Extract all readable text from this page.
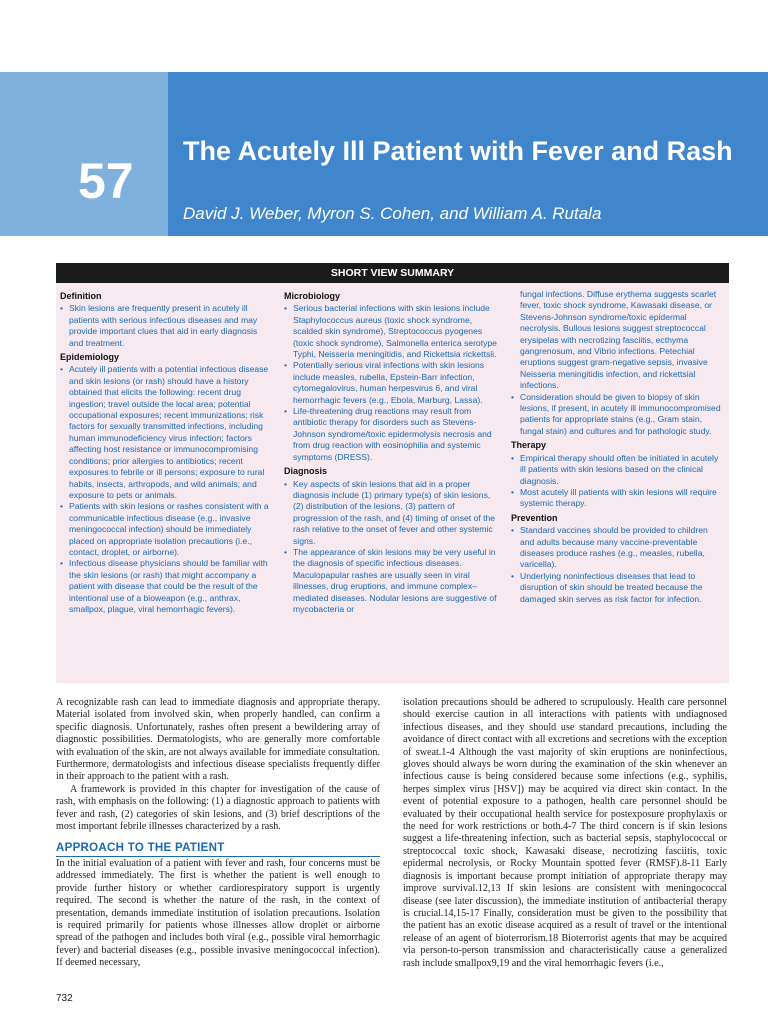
57
The Acutely Ill Patient with Fever and Rash
David J. Weber, Myron S. Cohen, and William A. Rutala
SHORT VIEW SUMMARY
Definition
• Skin lesions are frequently present in acutely ill patients with serious infectious diseases and may provide important clues that aid in early diagnosis and treatment.
Epidemiology
• Acutely ill patients with a potential infectious disease and skin lesions (or rash) should have a history obtained that elicits the following: recent drug ingestion; travel outside the local area; potential occupational exposures; recent immunizations; risk factors for sexually transmitted infections, including human immunodeficiency virus infection; factors affecting host resistance or immunocompromising conditions; prior allergies to antibiotics; recent exposures to febrile or ill persons; exposure to rural habits, insects, arthropods, and wild animals; and exposure to pets or animals.
• Patients with skin lesions or rashes consistent with a communicable infectious disease (e.g., invasive meningococcal infection) should be immediately placed on appropriate isolation precautions (i.e., contact, droplet, or airborne).
• Infectious disease physicians should be familiar with the skin lesions (or rash) that might accompany a patient with disease that could be the result of the intentional use of a bioweapon (e.g., anthrax, smallpox, plague, viral hemorrhagic fevers).
Microbiology
• Serious bacterial infections with skin lesions include Staphylococcus aureus (toxic shock syndrome, scalded skin syndrome), Streptococcus pyogenes (toxic shock syndrome), Salmonella enterica serotype Typhi, Neisseria meningitidis, and Rickettsia rickettsii.
• Potentially serious viral infections with skin lesions include measles, rubella, Epstein-Barr infection, cytomegalovirus, human herpesvirus 6, and viral hemorrhagic fevers (e.g., Ebola, Marburg, Lassa).
• Life-threatening drug reactions may result from antibiotic therapy for disorders such as Stevens-Johnson syndrome/toxic epidermolysis necrosis and from drug reaction with eosinophilia and systemic symptoms (DRESS).
Diagnosis
• Key aspects of skin lesions that aid in a proper diagnosis include (1) primary type(s) of skin lesions, (2) distribution of the lesions, (3) pattern of progression of the rash, and (4) timing of onset of the rash relative to the onset of fever and other systemic signs.
• The appearance of skin lesions may be very useful in the diagnosis of specific infectious diseases. Maculopapular rashes are usually seen in viral illnesses, drug eruptions, and immune complex–mediated diseases. Nodular lesions are suggestive of mycobacteria or
fungal infections. Diffuse erythema suggests scarlet fever, toxic shock syndrome, Kawasaki disease, or Stevens-Johnson syndrome/toxic epidermal necrolysis. Bullous lesions suggest streptococcal erysipelas with necrotizing fasciitis, ecthyma gangrenosum, and Vibrio infections. Petechial eruptions suggest gram-negative sepsis, invasive Neisseria meningitidis infection, and rickettsial infections.
• Consideration should be given to biopsy of skin lesions, if present, in acutely ill immunocompromised patients for appropriate stains (e.g., Gram stain, fungal stain) and cultures and for pathologic study.
Therapy
• Empirical therapy should often be initiated in acutely ill patients with skin lesions based on the clinical diagnosis.
• Most acutely ill patients with skin lesions will require systemic therapy.
Prevention
• Standard vaccines should be provided to children and adults because many vaccine-preventable diseases produce rashes (e.g., measles, rubella, varicella).
• Underlying noninfectious diseases that lead to disruption of skin should be treated because the damaged skin serves as risk factor for infection.

A recognizable rash can lead to immediate diagnosis and appropriate therapy. Material isolated from involved skin, when properly handled, can confirm a specific diagnosis. Unfortunately, rashes often present a bewildering array of diagnostic possibilities. Dermatologists, who are generally more comfortable with evaluation of the skin, are not always available for immediate consultation. Furthermore, dermatologists and infectious disease specialists frequently differ in their approach to the patient with a rash.

A framework is provided in this chapter for investigation of the cause of rash, with emphasis on the following: (1) a diagnostic approach to patients with fever and rash, (2) categories of skin lesions, and (3) brief descriptions of the most important febrile illnesses characterized by a rash.

APPROACH TO THE PATIENT

In the initial evaluation of a patient with fever and rash, four concerns must be addressed immediately. The first is whether the patient is well enough to provide further history or whether cardiorespiratory support is urgently required. The second is whether the nature of the rash, in the context of presentation, demands immediate institution of isolation precautions. Isolation is required primarily for patients whose illnesses allow droplet or airborne spread of the pathogen and includes both viral (e.g., possible viral hemorrhagic fever) and bacterial diseases (e.g., possible invasive meningococcal infection). If deemed necessary,

isolation precautions should be adhered to scrupulously. Health care personnel should exercise caution in all interactions with patients with undiagnosed infectious diseases, and they should use standard precautions, including the avoidance of direct contact with all excretions and secretions with the exception of sweat.1-4 Although the vast majority of skin eruptions are noninfectious, gloves should always be worn during the examination of the skin whenever an infectious cause is being considered because some infections (e.g., syphilis, herpes simplex virus [HSV]) may be acquired via direct skin contact. In the event of potential exposure to a pathogen, health care personnel should be evaluated by their occupational health service for postexposure prophylaxis or the need for work restrictions or both.4-7 The third concern is if skin lesions suggest a life-threatening infection, such as bacterial sepsis, staphylococcal or streptococcal toxic shock, Kawasaki disease, necrotizing fasciitis, toxic epidermal necrolysis, or Rocky Mountain spotted fever (RMSF).8-11 Early diagnosis is important because prompt initiation of appropriate therapy may improve survival.12,13 If skin lesions are consistent with meningococcal disease (see later discussion), the immediate institution of antibacterial therapy is crucial.14,15-17 Finally, consideration must be given to the possibility that the patient has an exotic disease acquired as a result of travel or the intentional release of an agent of bioterrorism.18 Bioterrorist agents that may be acquired via person-to-person transmission and characteristically cause a generalized rash include smallpox9,19 and the viral hemorrhagic fevers (i.e.,

732
